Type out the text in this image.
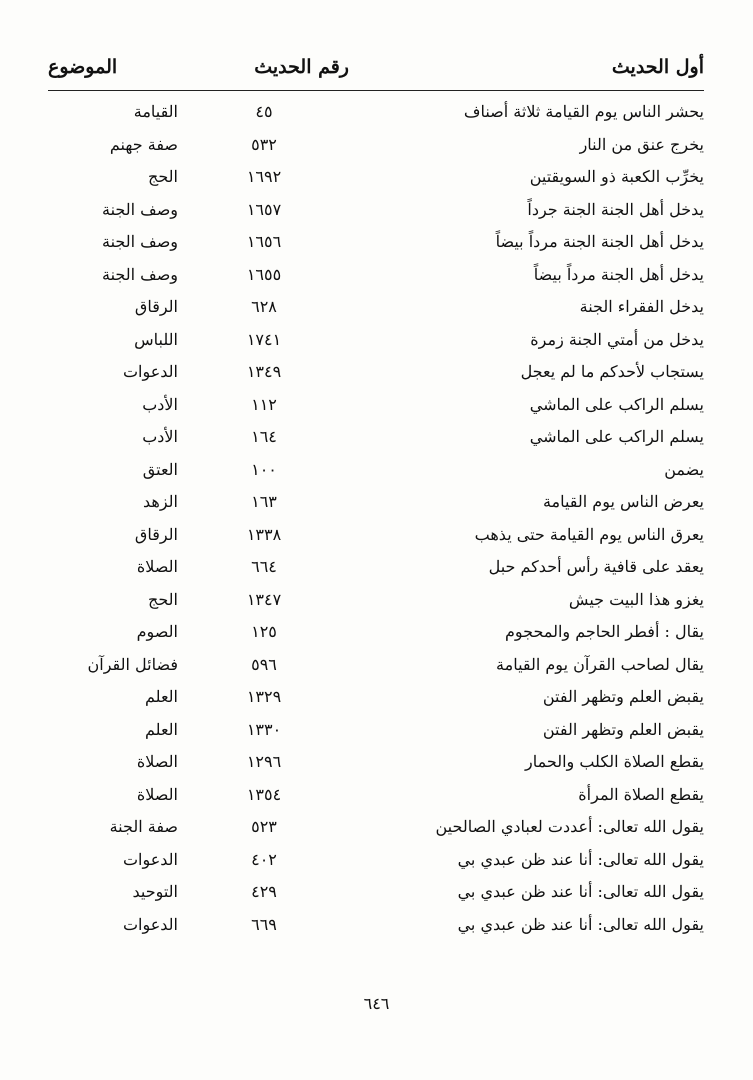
أول الحديث
رقم الحديث
الموضوع
يحشر الناس يوم القيامة ثلاثة أصناف
٤٥
القيامة
يخرج عنق من النار
٥٣٢
صفة جهنم
يخرِّب الكعبة ذو السويقتين
١٦٩٢
الحج
يدخل أهل الجنة الجنة جرداً
١٦٥٧
وصف الجنة
يدخل أهل الجنة الجنة مرداً بيضاً
١٦٥٦
وصف الجنة
يدخل أهل الجنة مرداً بيضاً
١٦٥٥
وصف الجنة
يدخل الفقراء الجنة
٦٢٨
الرقاق
يدخل من أمتي الجنة زمرة
١٧٤١
اللباس
يستجاب لأحدكم ما لم يعجل
١٣٤٩
الدعوات
يسلم الراكب على الماشي
١١٢
الأدب
يسلم الراكب على الماشي
١٦٤
الأدب
يضمن
١٠٠
العتق
يعرض الناس يوم القيامة
١٦٣
الزهد
يعرق الناس يوم القيامة حتى يذهب
١٣٣٨
الرقاق
يعقد على قافية رأس أحدكم حبل
٦٦٤
الصلاة
يغزو هذا البيت جيش
١٣٤٧
الحج
يقال : أفطر الحاجم والمحجوم
١٢٥
الصوم
يقال لصاحب القرآن يوم القيامة
٥٩٦
فضائل القرآن
يقبض العلم وتظهر الفتن
١٣٢٩
العلم
يقبض العلم وتظهر الفتن
١٣٣٠
العلم
يقطع الصلاة الكلب والحمار
١٢٩٦
الصلاة
يقطع الصلاة المرأة
١٣٥٤
الصلاة
يقول الله تعالى: أعددت لعبادي الصالحين
٥٢٣
صفة الجنة
يقول الله تعالى: أنا عند ظن عبدي بي
٤٠٢
الدعوات
يقول الله تعالى: أنا عند ظن عبدي بي
٤٢٩
التوحيد
يقول الله تعالى: أنا عند ظن عبدي بي
٦٦٩
الدعوات
٦٤٦
